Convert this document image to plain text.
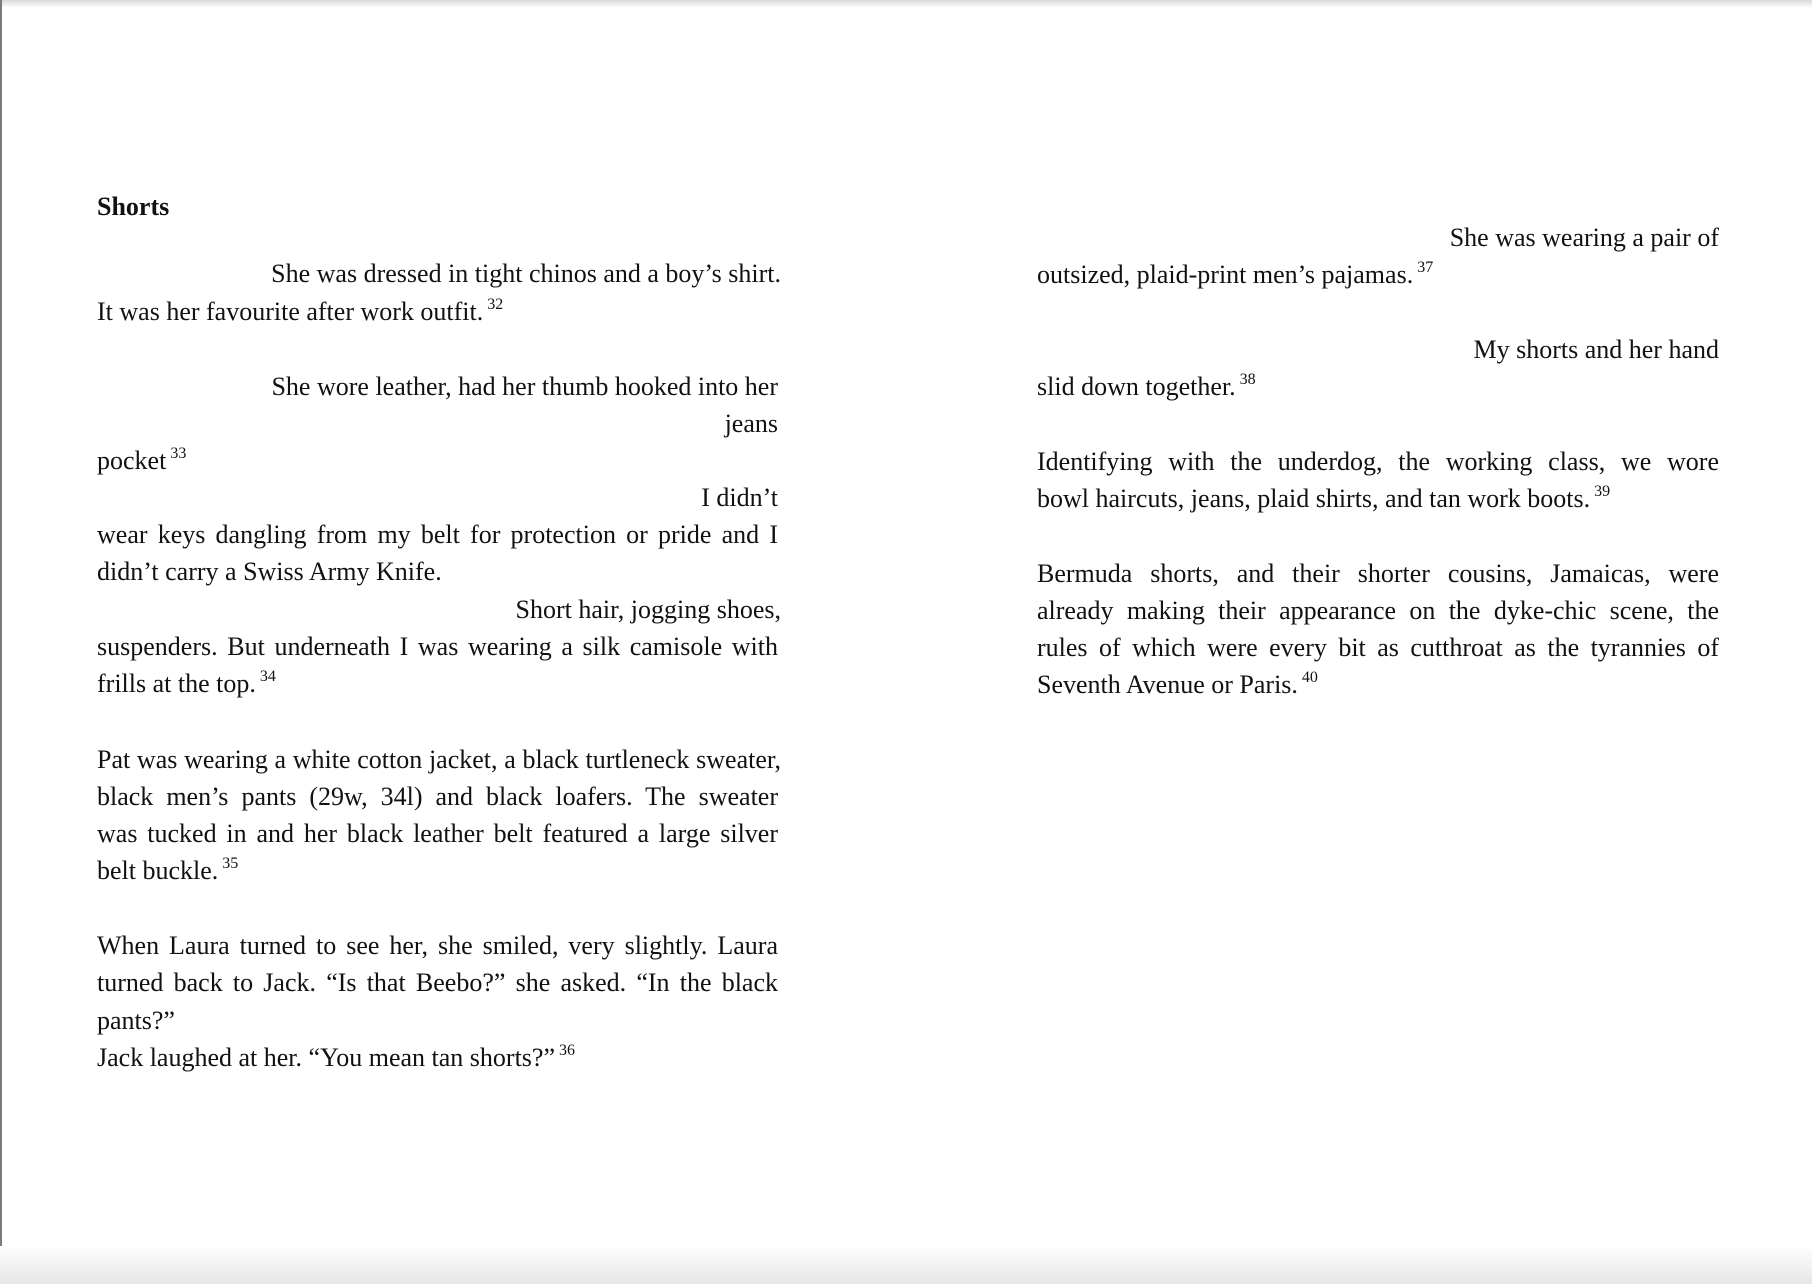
Shorts
She was dressed in tight chinos and a boy’s shirt.
It was her favourite after work outfit. $^{32}$
She wore leather, had her thumb hooked into her
jeans
pocket $^{33}$
I didn’t
wear keys dangling from my belt for protection or pride and I
didn’t carry a Swiss Army Knife.
Short hair, jogging shoes,
suspenders. But underneath I was wearing a silk camisole with
frills at the top. $^{34}$
Pat was wearing a white cotton jacket, a black turtleneck sweater,
black men’s pants (29w, 34l) and black loafers. The sweater
was tucked in and her black leather belt featured a large silver
belt buckle. $^{35}$
When Laura turned to see her, she smiled, very slightly. Laura
turned back to Jack. “Is that Beebo?” she asked. “In the black
pants?”
Jack laughed at her. “You mean tan shorts?” $^{36}$
She was wearing a pair of
outsized, plaid-print men’s pajamas. $^{37}$
My shorts and her hand
slid down together. $^{38}$
Identifying with the underdog, the working class, we wore
bowl haircuts, jeans, plaid shirts, and tan work boots. $^{39}$
Bermuda shorts, and their shorter cousins, Jamaicas, were
already making their appearance on the dyke-chic scene, the
rules of which were every bit as cutthroat as the tyrannies of
Seventh Avenue or Paris. $^{40}$
